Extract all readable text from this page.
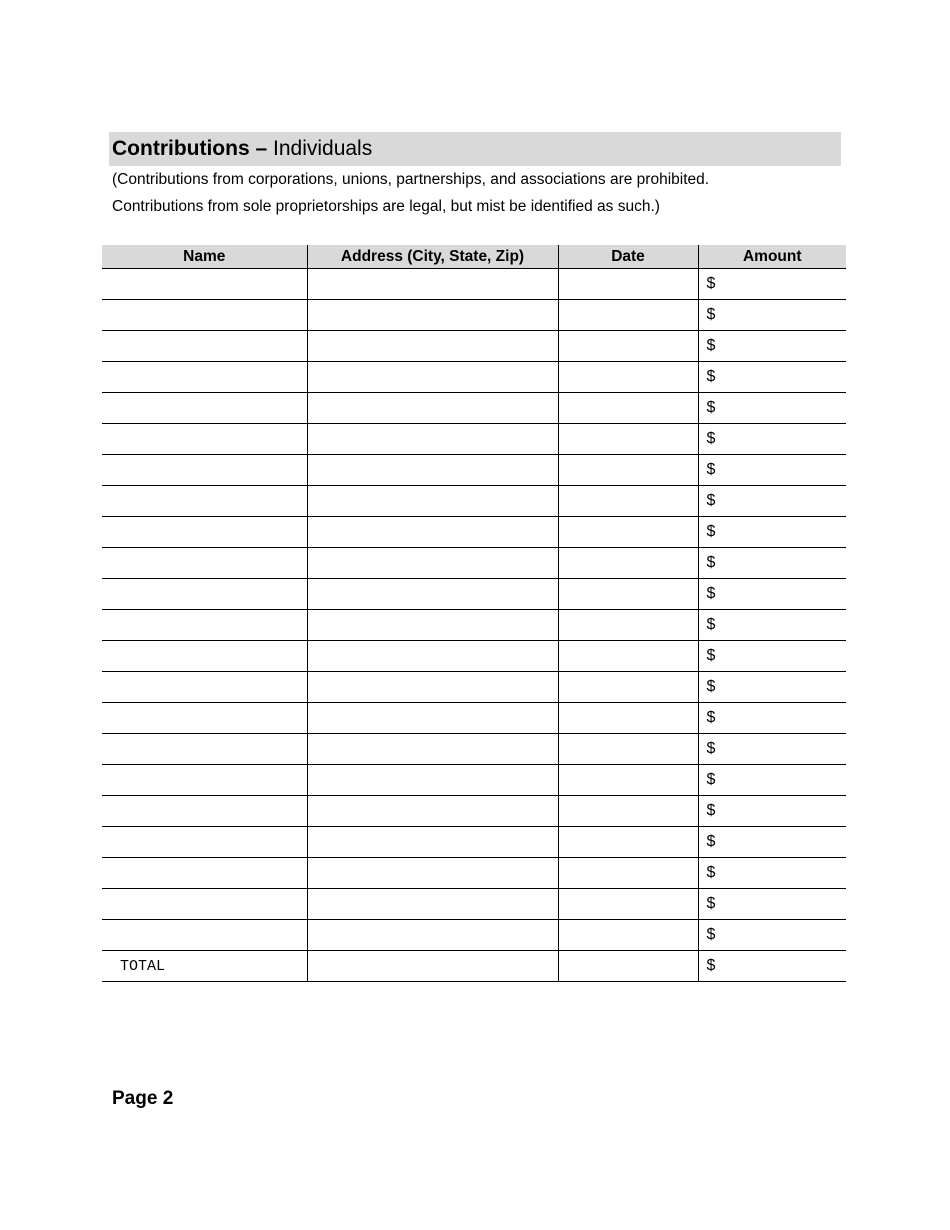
Contributions – Individuals
(Contributions from corporations, unions, partnerships, and associations are prohibited.
Contributions from sole proprietorships are legal, but mist be identified as such.)
Name	Address (City, State, Zip)	Date	Amount
			$
			$
			$
			$
			$
			$
			$
			$
			$
			$
			$
			$
			$
			$
			$
			$
			$
			$
			$
			$
			$
			$
TOTAL			$
Page 2
